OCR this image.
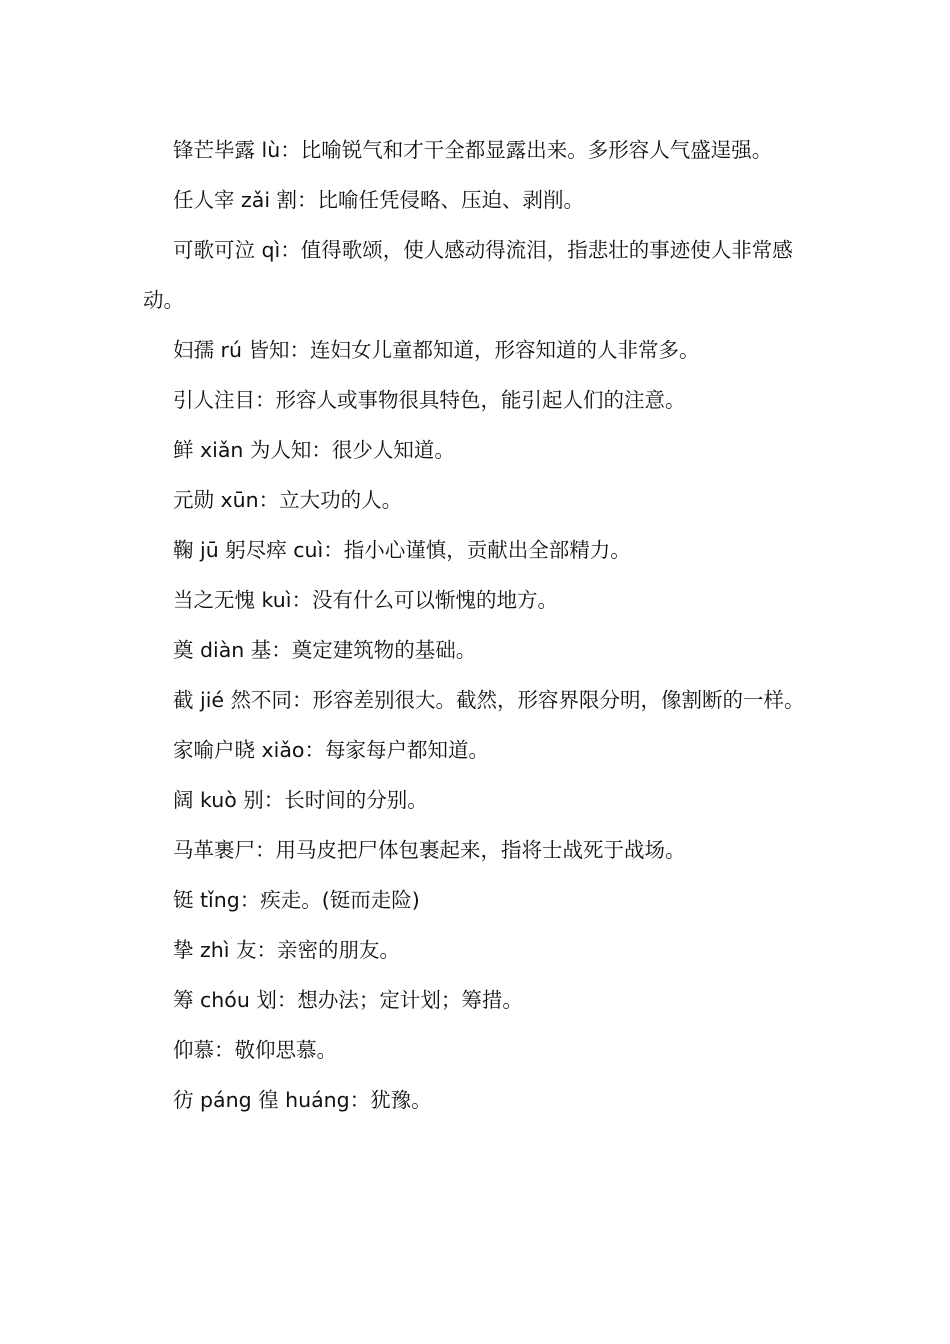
锋芒毕露 lù：比喻锐气和才干全都显露出来。多形容人气盛逞强。

任人宰 zǎi 割：比喻任凭侵略、压迫、剥削。

可歌可泣 qì：值得歌颂，使人感动得流泪，指悲壮的事迹使人非常感动。

妇孺 rú 皆知：连妇女儿童都知道，形容知道的人非常多。

引人注目：形容人或事物很具特色，能引起人们的注意。

鲜 xiǎn 为人知：很少人知道。

元勋 xūn：立大功的人。

鞠 jū 躬尽瘁 cuì：指小心谨慎，贡献出全部精力。

当之无愧 kuì：没有什么可以惭愧的地方。

奠 diàn 基：奠定建筑物的基础。

截 jié 然不同：形容差别很大。截然，形容界限分明，像割断的一样。

家喻户晓 xiǎo：每家每户都知道。

阔 kuò 别：长时间的分别。

马革裹尸：用马皮把尸体包裹起来，指将士战死于战场。

铤 tǐng：疾走。(铤而走险)

挚 zhì 友：亲密的朋友。

筹 chóu 划：想办法；定计划；筹措。

仰慕：敬仰思慕。

彷 páng 徨 huáng：犹豫。
